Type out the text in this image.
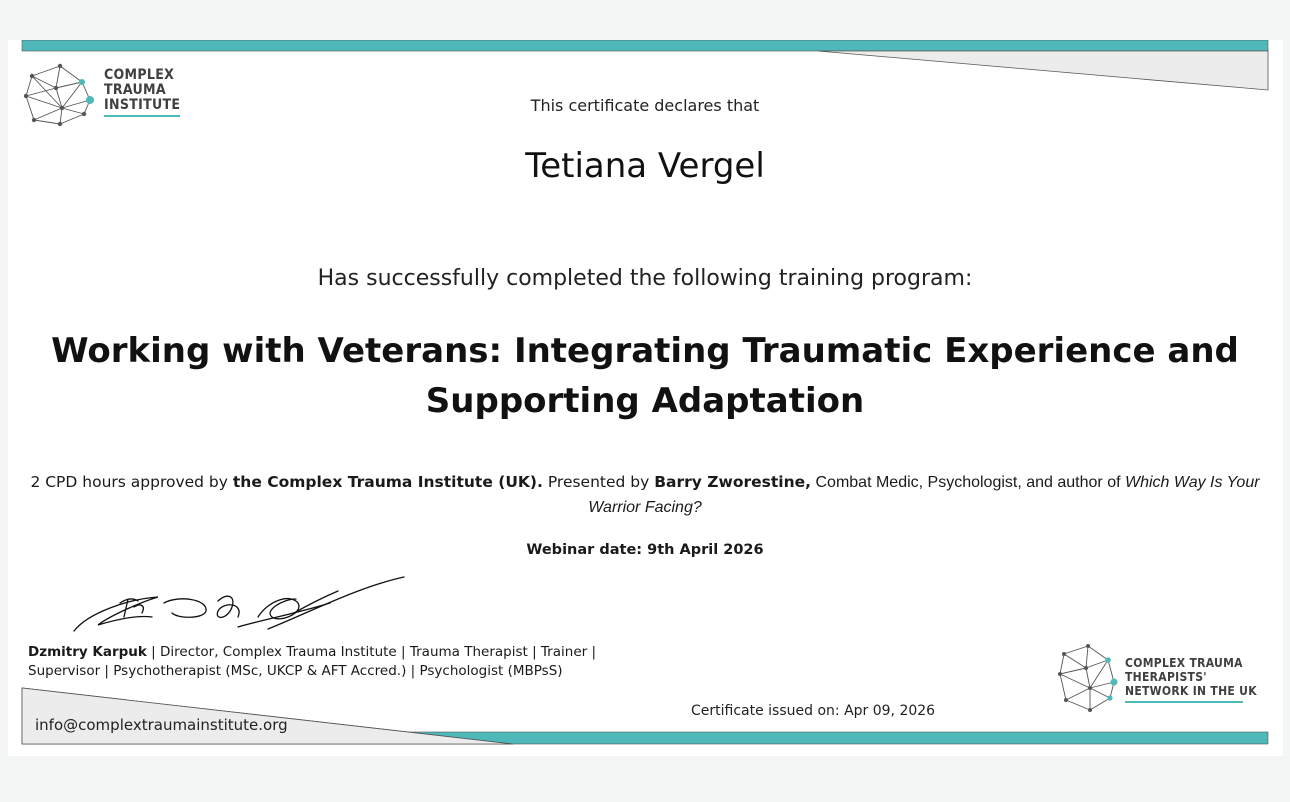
COMPLEX
TRAUMA
INSTITUTE
COMPLEX TRAUMA
THERAPISTS'
NETWORK IN THE UK
This certificate declares that
Tetiana Vergel
Has successfully completed the following training program:
Working with Veterans: Integrating Traumatic Experience and Supporting Adaptation
2 CPD hours approved by the Complex Trauma Institute (UK). Presented by Barry Zworestine, Combat Medic, Psychologist, and author of Which Way Is Your Warrior Facing?
Webinar date: 9th April 2026
Dzmitry Karpuk | Director, Complex Trauma Institute | Trauma Therapist | Trainer | Supervisor | Psychotherapist (MSc, UKCP & AFT Accred.) | Psychologist (MBPsS)
info@complextraumainstitute.org
Certificate issued on: Apr 09, 2026
